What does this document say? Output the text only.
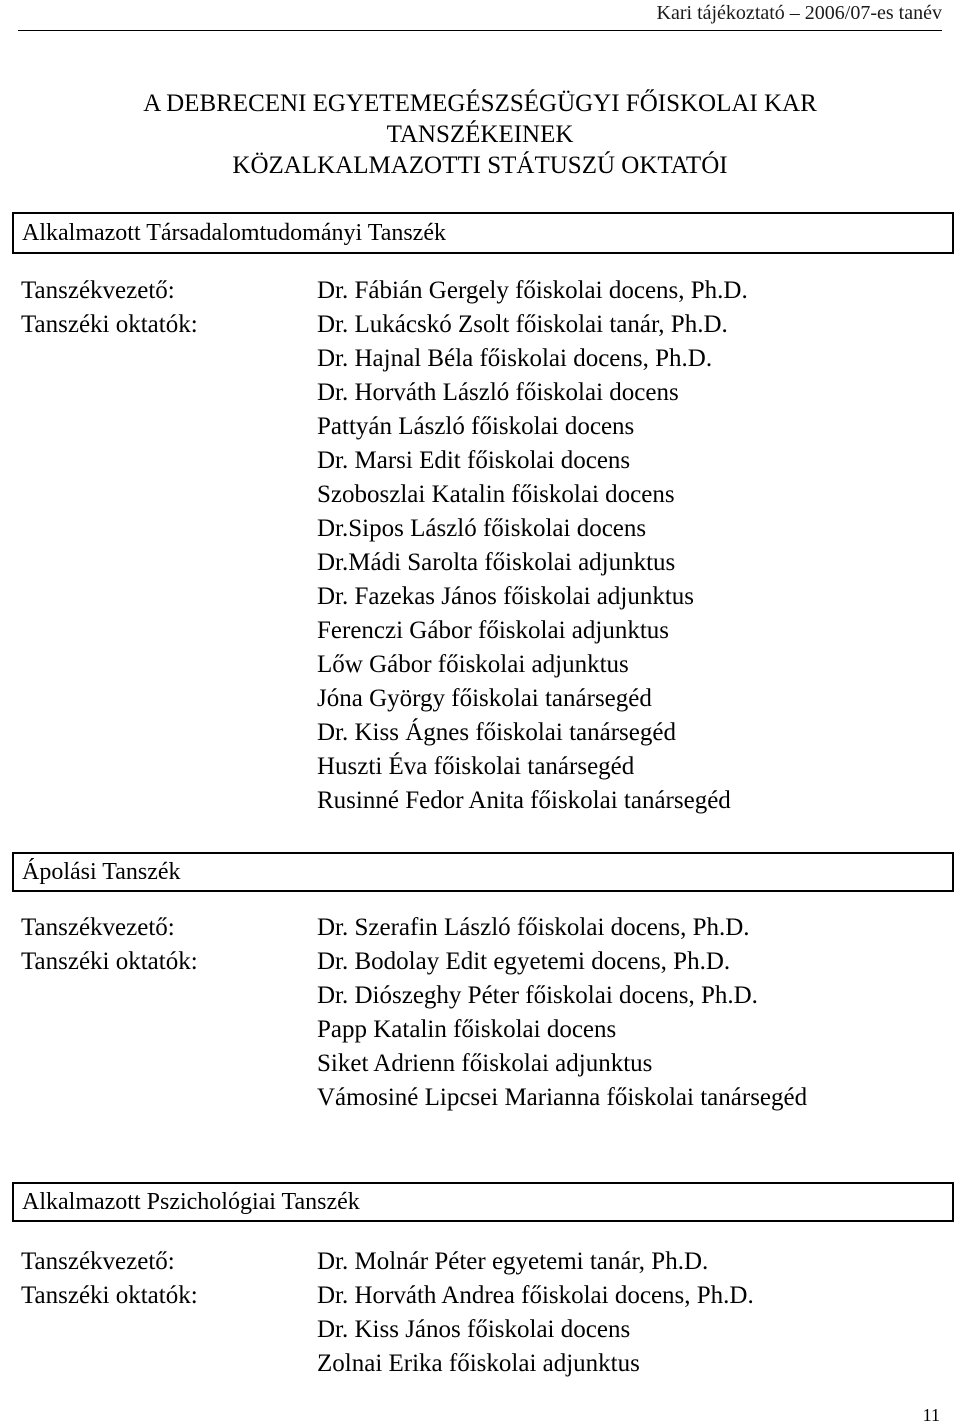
Kari tájékoztató – 2006/07-es tanév
A DEBRECENI EGYETEMEGÉSZSÉGÜGYI FŐISKOLAI KAR
TANSZÉKEINEK
KÖZALKALMAZOTTI STÁTUSZÚ OKTATÓI
Alkalmazott Társadalomtudományi Tanszék
Tanszékvezető:
Tanszéki oktatók:
Dr. Fábián Gergely főiskolai docens, Ph.D.
Dr. Lukácskó Zsolt főiskolai tanár, Ph.D.
Dr. Hajnal Béla főiskolai docens, Ph.D.
Dr. Horváth László főiskolai docens
Pattyán László főiskolai docens
Dr. Marsi Edit főiskolai docens
Szoboszlai Katalin főiskolai docens
Dr.Sipos László főiskolai docens
Dr.Mádi Sarolta főiskolai adjunktus
Dr. Fazekas János főiskolai adjunktus
Ferenczi Gábor főiskolai adjunktus
Lőw Gábor főiskolai adjunktus
Jóna György főiskolai tanársegéd
Dr. Kiss Ágnes főiskolai tanársegéd
Huszti Éva főiskolai tanársegéd
Rusinné Fedor Anita főiskolai tanársegéd
Ápolási Tanszék
Tanszékvezető:
Tanszéki oktatók:
Dr. Szerafin László főiskolai docens, Ph.D.
Dr. Bodolay Edit egyetemi docens, Ph.D.
Dr. Diószeghy Péter főiskolai docens, Ph.D.
Papp Katalin főiskolai docens
Siket Adrienn főiskolai adjunktus
Vámosiné Lipcsei Marianna főiskolai tanársegéd
Alkalmazott Pszichológiai Tanszék
Tanszékvezető:
Tanszéki oktatók:
Dr. Molnár Péter egyetemi tanár, Ph.D.
Dr. Horváth Andrea főiskolai docens, Ph.D.
Dr. Kiss János főiskolai docens
Zolnai Erika főiskolai adjunktus
11
